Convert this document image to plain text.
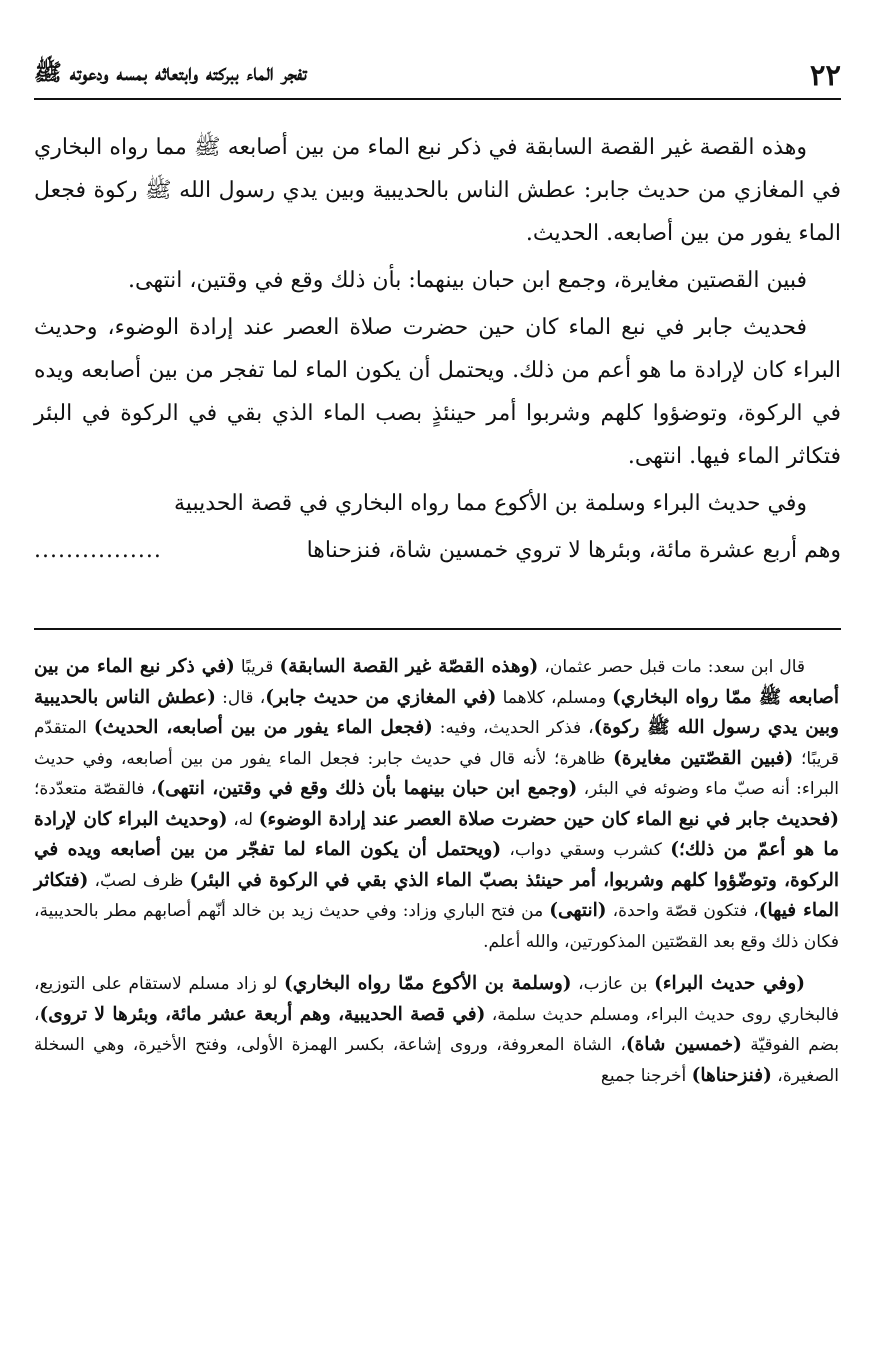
٢٢
تفجر الماء ببركته وابتعاثه بمسه ودعوته ﷺ

وهذه القصة غير القصة السابقة في ذكر نبع الماء من بين أصابعه ﷺ مما رواه البخاري في المغازي من حديث جابر: عطش الناس بالحديبية وبين يدي رسول الله ﷺ ركوة فجعل الماء يفور من بين أصابعه. الحديث.

فبين القصتين مغايرة، وجمع ابن حبان بينهما: بأن ذلك وقع في وقتين، انتهى.

فحديث جابر في نبع الماء كان حين حضرت صلاة العصر عند إرادة الوضوء، وحديث البراء كان لإرادة ما هو أعم من ذلك. ويحتمل أن يكون الماء لما تفجر من بين أصابعه ويده في الركوة، وتوضؤوا كلهم وشربوا أمر حينئذٍ بصب الماء الذي بقي في الركوة في البئر فتكاثر الماء فيها. انتهى.

وفي حديث البراء وسلمة بن الأكوع مما رواه البخاري في قصة الحديبية

وهم أربع عشرة مائة، وبئرها لا تروي خمسين شاة، فنزحناها
................

قال ابن سعد: مات قبل حصر عثمان، (وهذه القصّة غير القصة السابقة) قريبًا (في ذكر نبع الماء من بين أصابعه ﷺ ممّا رواه البخاري) ومسلم، كلاهما (في المغازي من حديث جابر)، قال: (عطش الناس بالحديبية وبين يدي رسول الله ﷺ ركوة)، فذكر الحديث، وفيه: (فجعل الماء يفور من بين أصابعه، الحديث) المتقدّم قريبًا؛ (فبين القصّتين مغايرة) ظاهرة؛ لأنه قال في حديث جابر: فجعل الماء يفور من بين أصابعه، وفي حديث البراء: أنه صبّ ماء وضوئه في البئر، (وجمع ابن حبان بينهما بأن ذلك وقع في وقتين، انتهى)، فالقصّة متعدّدة؛ (فحديث جابر في نبع الماء كان حين حضرت صلاة العصر عند إرادة الوضوء) له، (وحديث البراء كان لإرادة ما هو أعمّ من ذلك؛) كشرب وسقي دواب، (ويحتمل أن يكون الماء لما تفجّر من بين أصابعه ويده في الركوة، وتوضّؤوا كلهم وشربوا، أمر حينئذ بصبّ الماء الذي بقي في الركوة في البئر) ظرف لصبّ، (فتكاثر الماء فيها)، فتكون قصّة واحدة، (انتهى) من فتح الباري وزاد: وفي حديث زيد بن خالد أنّهم أصابهم مطر بالحديبية، فكان ذلك وقع بعد القصّتين المذكورتين، والله أعلم.

(وفي حديث البراء) بن عازب، (وسلمة بن الأكوع ممّا رواه البخاري) لو زاد مسلم لاستقام على التوزيع، فالبخاري روى حديث البراء، ومسلم حديث سلمة، (في قصة الحديبية، وهم أربعة عشر مائة، وبئرها لا تروى)، بضم الفوقيّة (خمسين شاة)، الشاة المعروفة، وروى إشاعة، بكسر الهمزة الأولى، وفتح الأخيرة، وهي السخلة الصغيرة، (فنزحناها) أخرجنا جميع
